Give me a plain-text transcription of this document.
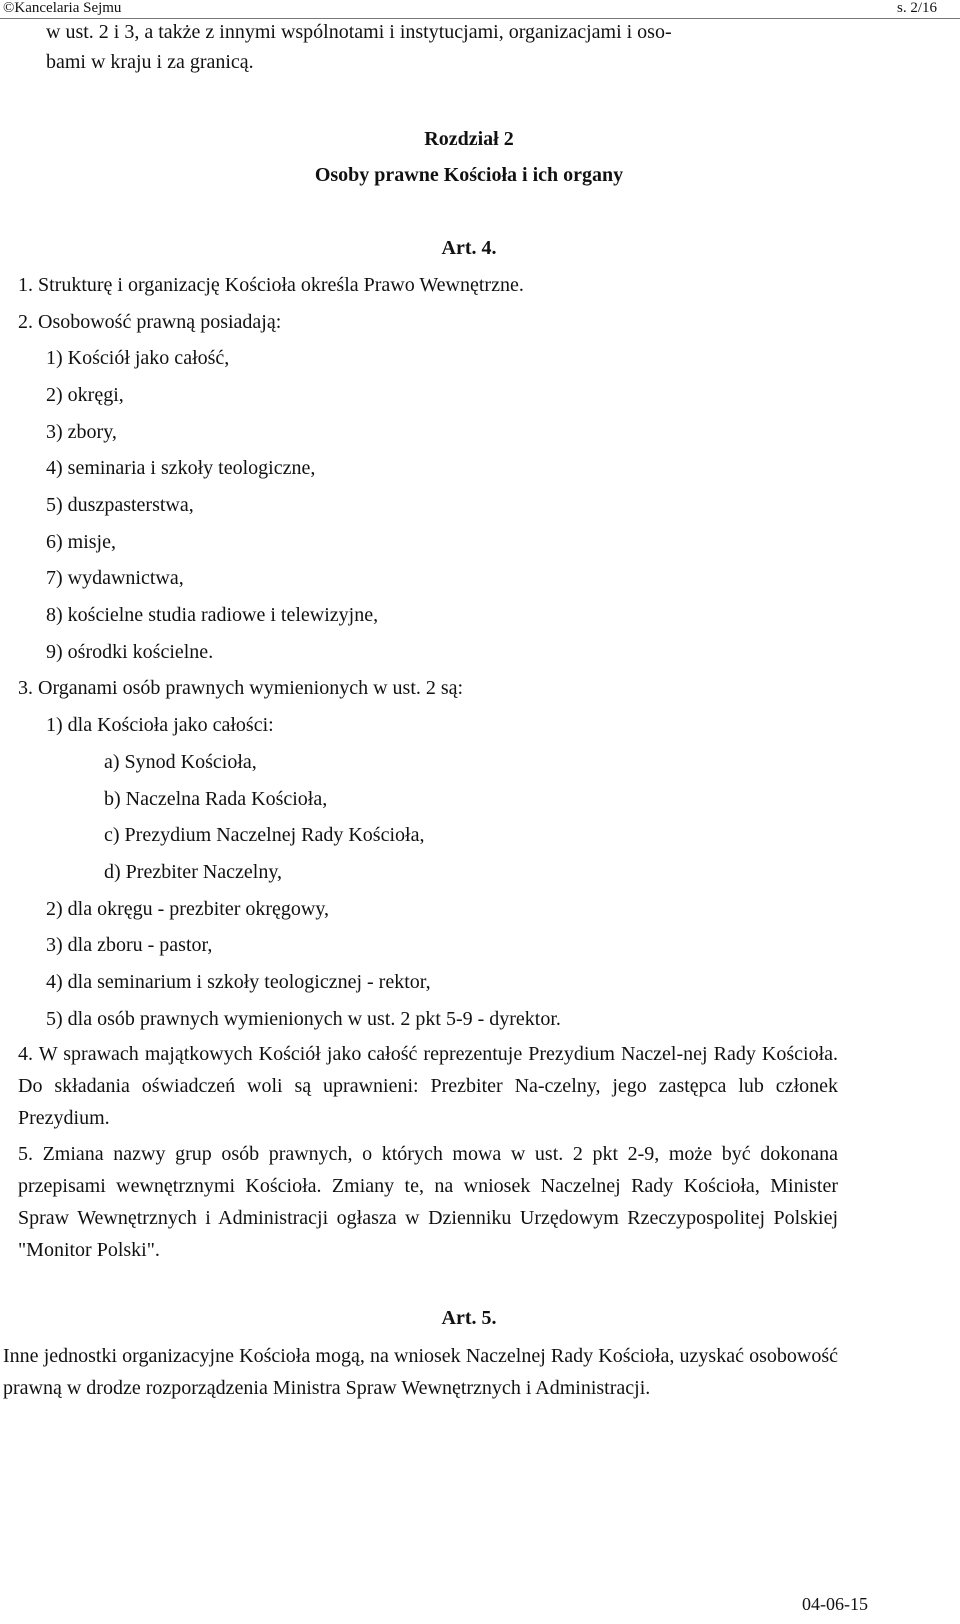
©Kancelaria Sejmu	s. 2/16
w ust. 2 i 3, a także z innymi wspólnotami i instytucjami, organizacjami i oso-
bami w kraju i za granicą.
Rozdział 2
Osoby prawne Kościoła i ich organy
Art. 4.
1. Strukturę i organizację Kościoła określa Prawo Wewnętrzne.
2. Osobowość prawną posiadają:
1) Kościół jako całość,
2) okręgi,
3) zbory,
4) seminaria i szkoły teologiczne,
5) duszpasterstwa,
6) misje,
7) wydawnictwa,
8) kościelne studia radiowe i telewizyjne,
9) ośrodki kościelne.
3. Organami osób prawnych wymienionych w ust. 2 są:
1) dla Kościoła jako całości:
a) Synod Kościoła,
b) Naczelna Rada Kościoła,
c) Prezydium Naczelnej Rady Kościoła,
d) Prezbiter Naczelny,
2) dla okręgu - prezbiter okręgowy,
3) dla zboru - pastor,
4) dla seminarium i szkoły teologicznej - rektor,
5) dla osób prawnych wymienionych w ust. 2 pkt 5-9 - dyrektor.
4. W sprawach majątkowych Kościół jako całość reprezentuje Prezydium Naczel-nej Rady Kościoła. Do składania oświadczeń woli są uprawnieni: Prezbiter Na-czelny, jego zastępca lub członek Prezydium.
5. Zmiana nazwy grup osób prawnych, o których mowa w ust. 2 pkt 2-9, może być dokonana przepisami wewnętrznymi Kościoła. Zmiany te, na wniosek Naczelnej Rady Kościoła, Minister Spraw Wewnętrznych i Administracji ogłasza w Dzienniku Urzędowym Rzeczypospolitej Polskiej "Monitor Polski".
Art. 5.
Inne jednostki organizacyjne Kościoła mogą, na wniosek Naczelnej Rady Kościoła, uzyskać osobowość prawną w drodze rozporządzenia Ministra Spraw Wewnętrznych i Administracji.
04-06-15
